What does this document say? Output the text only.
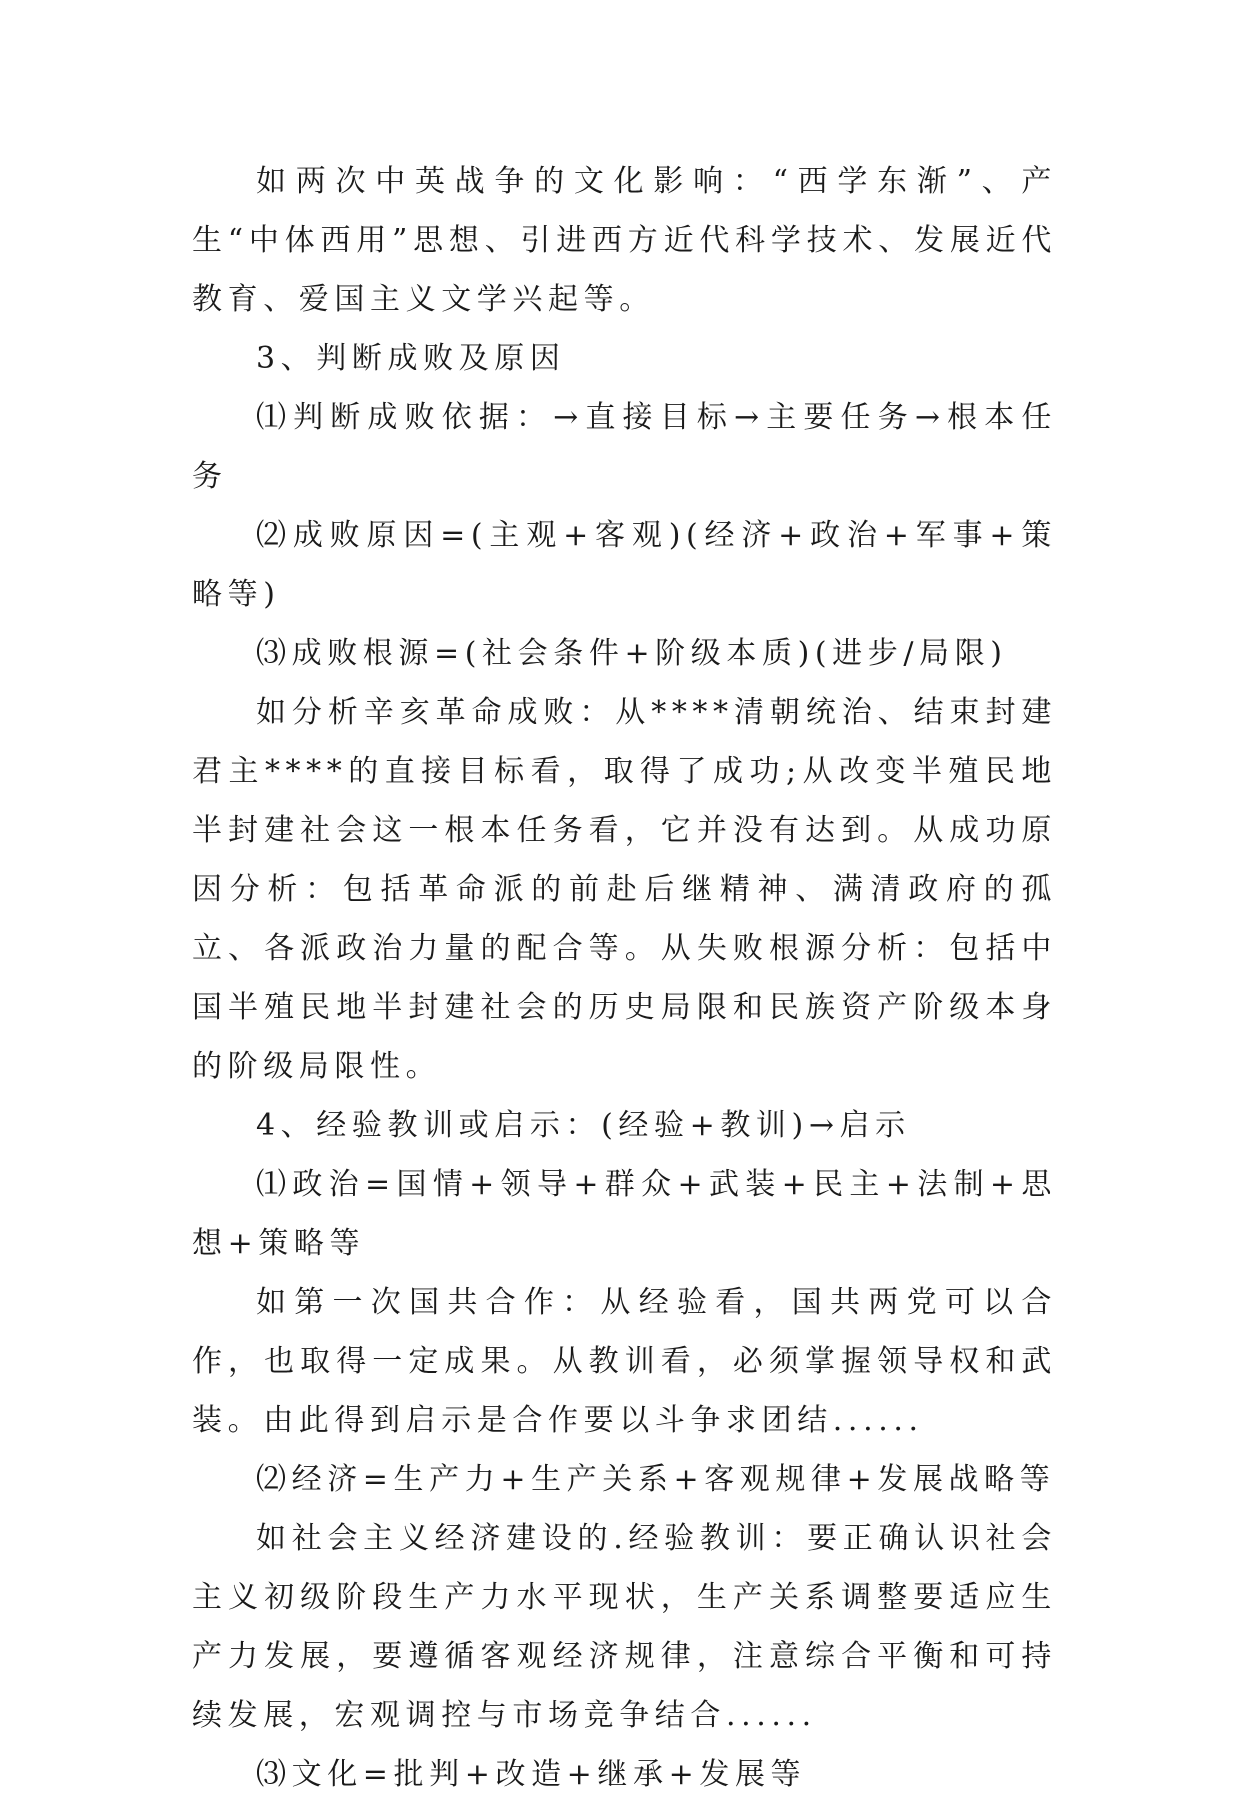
如两次中英战争的文化影响：“西学东渐”、产生“中体西用”思想、引进西方近代科学技术、发展近代教育、爱国主义文学兴起等。

3、判断成败及原因

⑴判断成败依据：→直接目标→主要任务→根本任务

⑵成败原因=(主观+客观)(经济+政治+军事+策略等)

⑶成败根源=(社会条件+阶级本质)(进步/局限)

如分析辛亥革命成败：从****清朝统治、结束封建君主****的直接目标看，取得了成功;从改变半殖民地半封建社会这一根本任务看，它并没有达到。从成功原因分析：包括革命派的前赴后继精神、满清政府的孤立、各派政治力量的配合等。从失败根源分析：包括中国半殖民地半封建社会的历史局限和民族资产阶级本身的阶级局限性。

4、经验教训或启示：(经验+教训)→启示

⑴政治=国情+领导+群众+武装+民主+法制+思想+策略等

如第一次国共合作：从经验看，国共两党可以合作，也取得一定成果。从教训看，必须掌握领导权和武装。由此得到启示是合作要以斗争求团结......

⑵经济=生产力+生产关系+客观规律+发展战略等

如社会主义经济建设的.经验教训：要正确认识社会主义初级阶段生产力水平现状，生产关系调整要适应生产力发展，要遵循客观经济规律，注意综合平衡和可持续发展，宏观调控与市场竞争结合......

⑶文化=批判+改造+继承+发展等
